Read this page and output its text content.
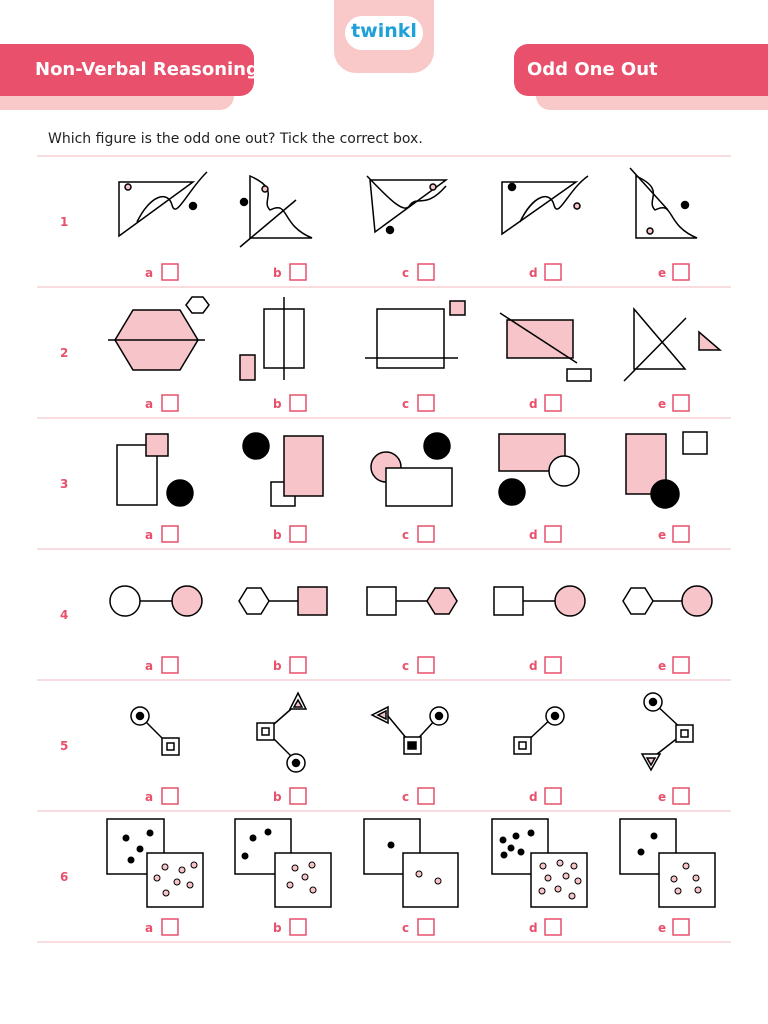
twinkl
Non-Verbal Reasoning	Odd One Out
Which figure is the odd one out? Tick the correct box.
1
a	b	c	d	e
2
a	b	c	d	e
3
a	b	c	d	e
4
a	b	c	d	e
5
a	b	c	d	e
6
a	b	c	d	e
